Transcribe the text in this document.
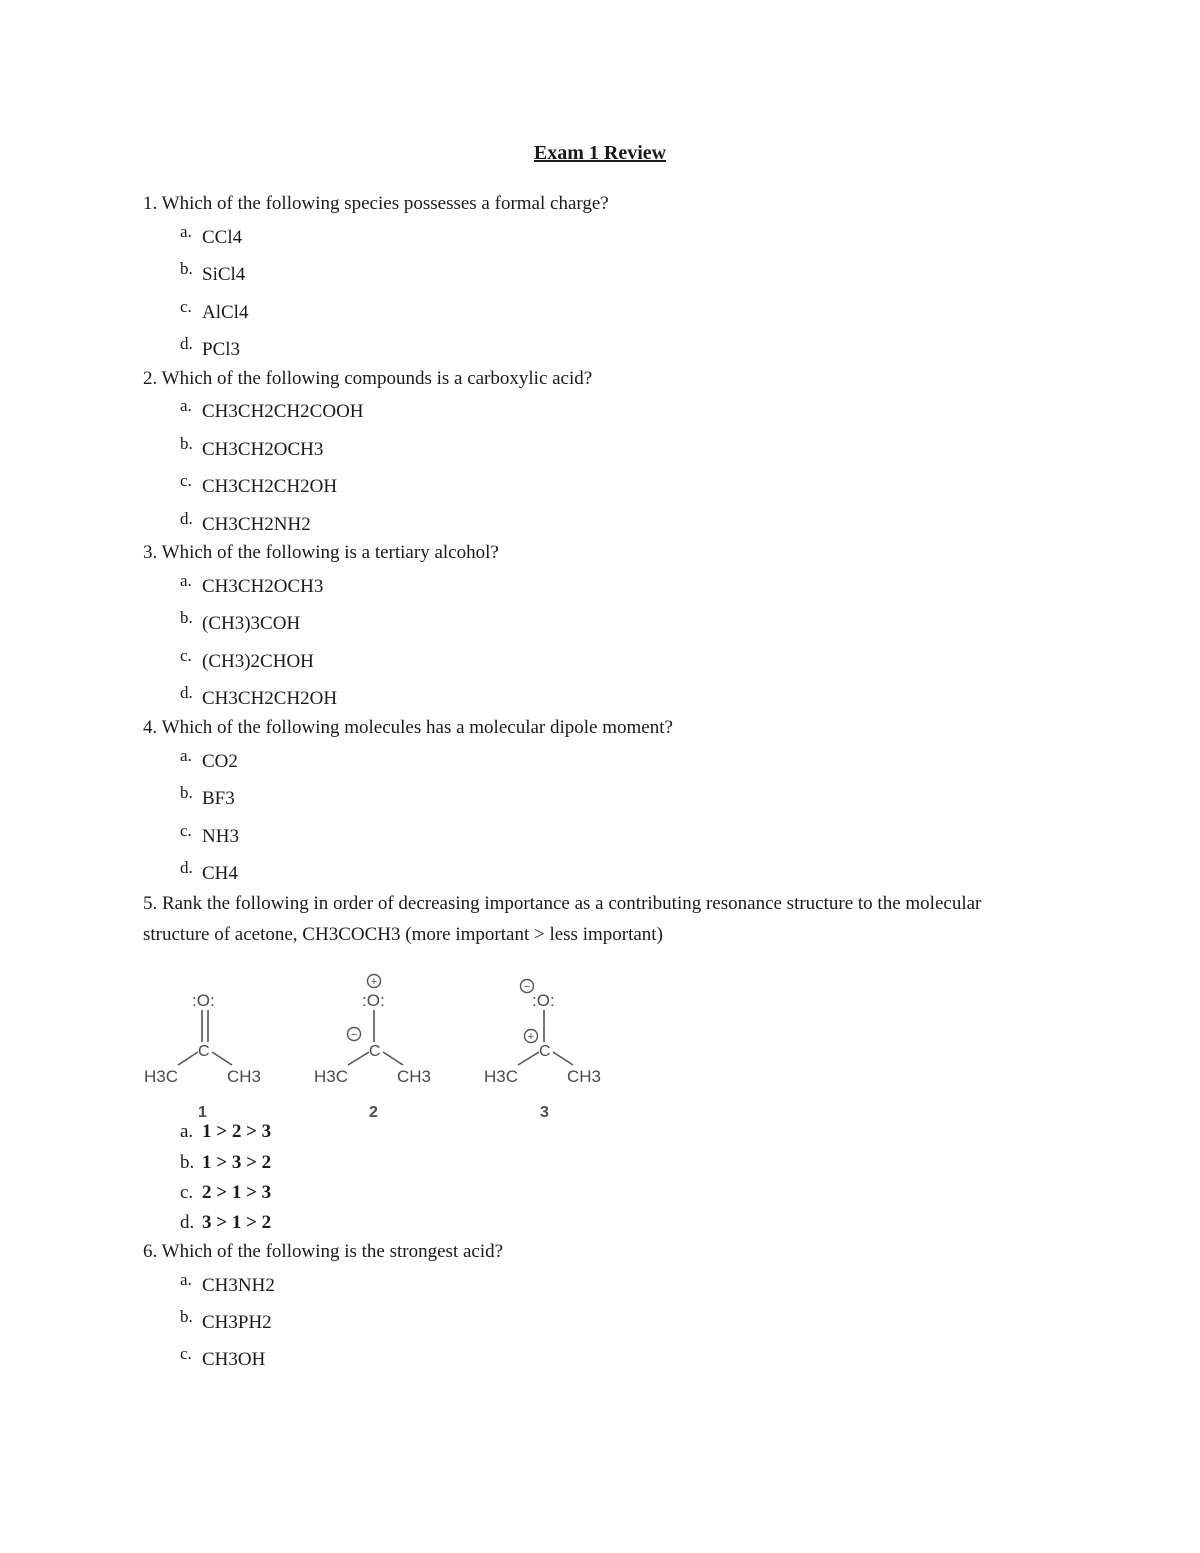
Exam 1 Review
1. Which of the following species possesses a formal charge?
a. CCl4
b. SiCl4
c. AlCl4
d. PCl3
2. Which of the following compounds is a carboxylic acid?
a. CH3CH2CH2COOH
b. CH3CH2OCH3
c. CH3CH2CH2OH
d. CH3CH2NH2
3. Which of the following is a tertiary alcohol?
a. CH3CH2OCH3
b. (CH3)3COH
c. (CH3)2CHOH
d. CH3CH2CH2OH
4. Which of the following molecules has a molecular dipole moment?
a. CO2
b. BF3
c. NH3
d. CH4
5. Rank the following in order of decreasing importance as a contributing resonance structure to the molecular structure of acetone, CH3COCH3 (more important > less important)
:O:
C
H3C	CH3
1
+
:O:
−
C
H3C	CH3
2
−
:O:
+
C
H3C	CH3
3
a. 1 > 2 > 3
b. 1 > 3 > 2
c. 2 > 1 > 3
d. 3 > 1 > 2
6. Which of the following is the strongest acid?
a. CH3NH2
b. CH3PH2
c. CH3OH
